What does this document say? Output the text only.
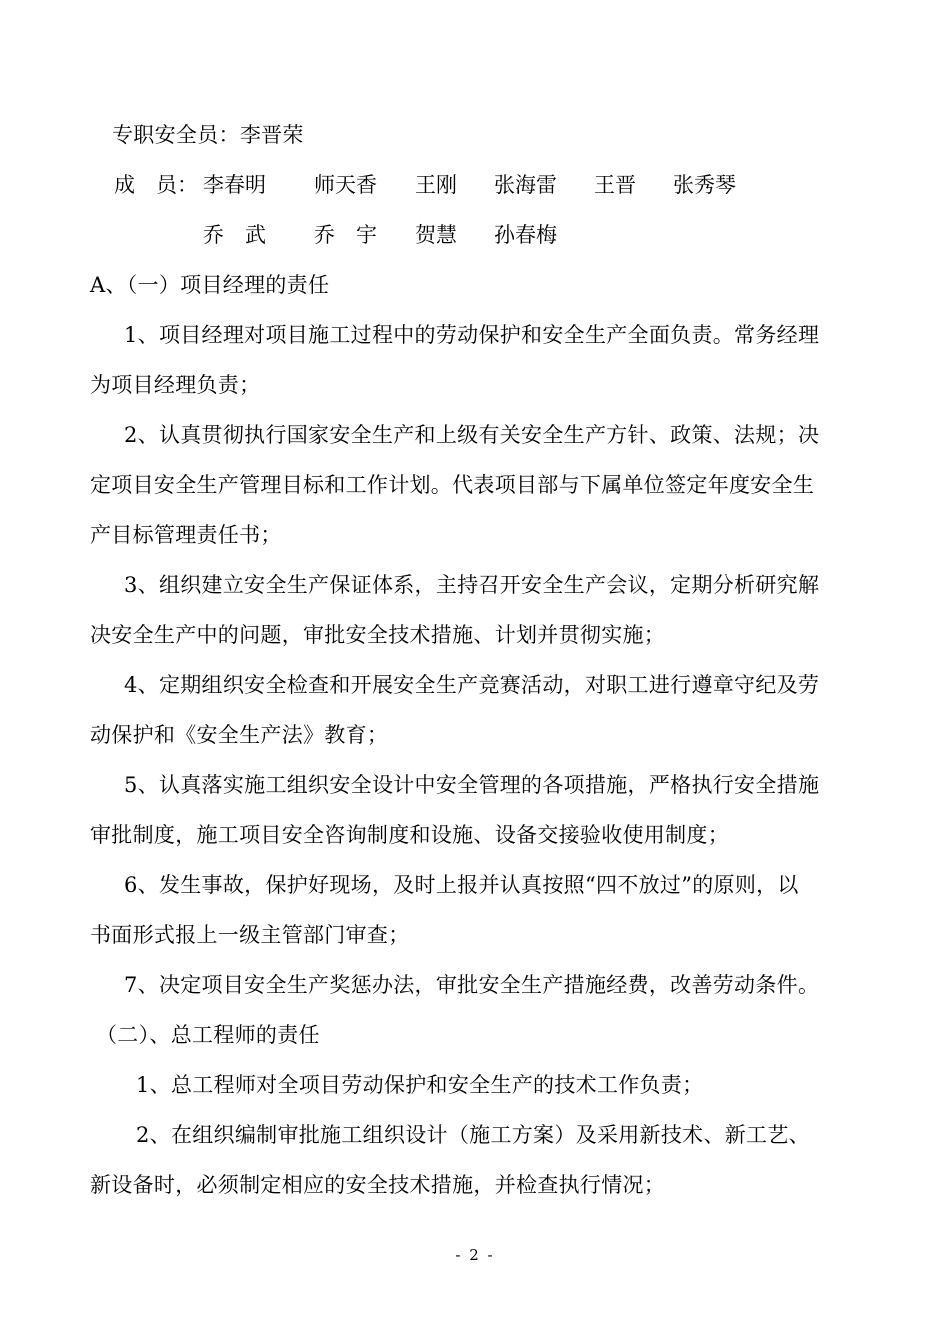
专职安全员：李晋荣
成　员： 李春明 师天香 王刚 张海雷 王晋 张秀琴
乔　武 乔　宇 贺慧 孙春梅
A、（一）项目经理的责任
1、项目经理对项目施工过程中的劳动保护和安全生产全面负责。常务经理
为项目经理负责；
2、认真贯彻执行国家安全生产和上级有关安全生产方针、政策、法规；决
定项目安全生产管理目标和工作计划。代表项目部与下属单位签定年度安全生
产目标管理责任书；
3、组织建立安全生产保证体系，主持召开安全生产会议，定期分析研究解
决安全生产中的问题，审批安全技术措施、计划并贯彻实施；
4、定期组织安全检查和开展安全生产竞赛活动，对职工进行遵章守纪及劳
动保护和《安全生产法》教育；
5、认真落实施工组织安全设计中安全管理的各项措施，严格执行安全措施
审批制度，施工项目安全咨询制度和设施、设备交接验收使用制度；
6、发生事故，保护好现场，及时上报并认真按照“四不放过”的原则，以
书面形式报上一级主管部门审查；
7、决定项目安全生产奖惩办法，审批安全生产措施经费，改善劳动条件。
（二）、总工程师的责任
1、总工程师对全项目劳动保护和安全生产的技术工作负责；
2、在组织编制审批施工组织设计（施工方案）及采用新技术、新工艺、
新设备时，必须制定相应的安全技术措施，并检查执行情况；
- 2 -
